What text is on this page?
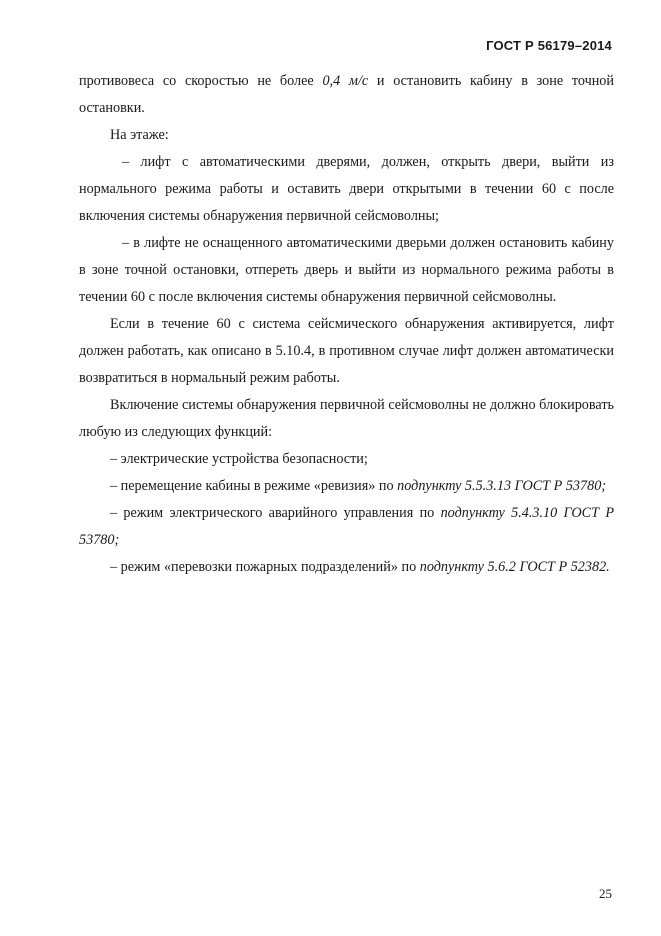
ГОСТ Р 56179–2014

противовеса со скоростью не более 0,4 м/с и остановить кабину в зоне точной остановки.

На этаже:

– лифт с автоматическими дверями, должен, открыть двери, выйти из нормального режима работы и оставить двери открытыми в течении 60 с после включения системы обнаружения первичной сейсмоволны;

– в лифте не оснащенного автоматическими дверьми должен остановить кабину в зоне точной остановки, отпереть дверь и выйти из нормального режима работы в течении 60 с после включения системы обнаружения первичной сейсмоволны.

Если в течение 60 с система сейсмического обнаружения активируется, лифт должен работать, как описано в 5.10.4, в противном случае лифт должен автоматически возвратиться в нормальный режим работы.

Включение системы обнаружения первичной сейсмоволны не должно блокировать любую из следующих функций:

– электрические устройства безопасности;

– перемещение кабины в режиме «ревизия» по подпункту 5.5.3.13 ГОСТ Р 53780;

– режим электрического аварийного управления по подпункту 5.4.3.10 ГОСТ Р 53780;

– режим «перевозки пожарных подразделений» по подпункту 5.6.2 ГОСТ Р 52382.

25
